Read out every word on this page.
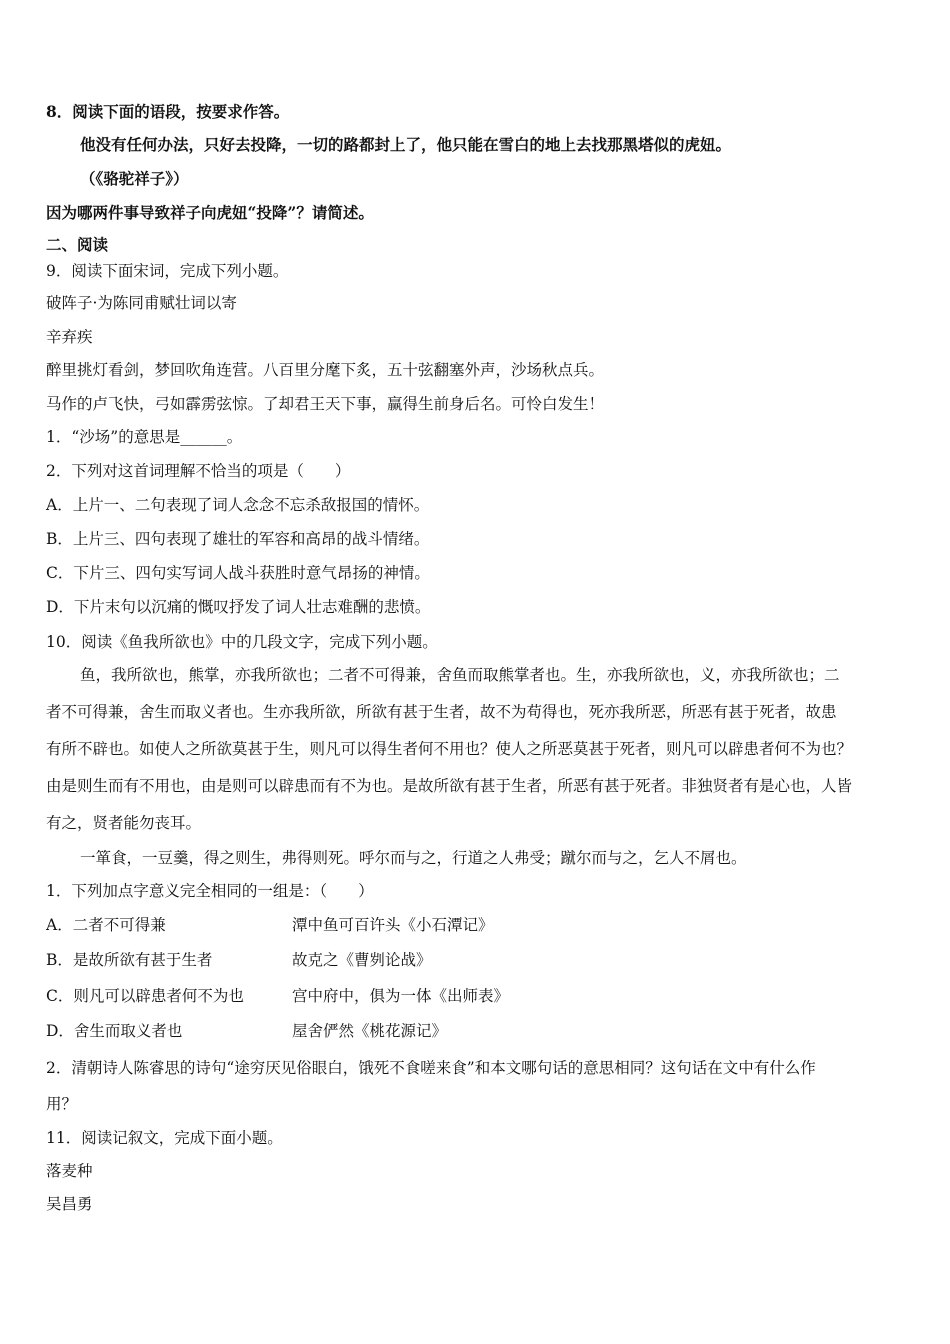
8．阅读下面的语段，按要求作答。
他没有任何办法，只好去投降，一切的路都封上了，他只能在雪白的地上去找那黑塔似的虎妞。
（《骆驼祥子》）
因为哪两件事导致祥子向虎妞“投降”？请简述。
二、阅读
9．阅读下面宋词，完成下列小题。
破阵子·为陈同甫赋壮词以寄
辛弃疾
醉里挑灯看剑，梦回吹角连营。八百里分麾下炙，五十弦翻塞外声，沙场秋点兵。
马作的卢飞快，弓如霹雳弦惊。了却君王天下事，赢得生前身后名。可怜白发生！
1．“沙场”的意思是______。
2．下列对这首词理解不恰当的项是（　　）
A．上片一、二句表现了词人念念不忘杀敌报国的情怀。
B．上片三、四句表现了雄壮的军容和高昂的战斗情绪。
C．下片三、四句实写词人战斗获胜时意气昂扬的神情。
D．下片末句以沉痛的慨叹抒发了词人壮志难酬的悲愤。
10．阅读《鱼我所欲也》中的几段文字，完成下列小题。
鱼，我所欲也，熊掌，亦我所欲也；二者不可得兼，舍鱼而取熊掌者也。生，亦我所欲也，义，亦我所欲也；二
者不可得兼，舍生而取义者也。生亦我所欲，所欲有甚于生者，故不为苟得也，死亦我所恶，所恶有甚于死者，故患
有所不辟也。如使人之所欲莫甚于生，则凡可以得生者何不用也？使人之所恶莫甚于死者，则凡可以辟患者何不为也？
由是则生而有不用也，由是则可以辟患而有不为也。是故所欲有甚于生者，所恶有甚于死者。非独贤者有是心也，人皆
有之，贤者能勿丧耳。
一箪食，一豆羹，得之则生，弗得则死。呼尔而与之，行道之人弗受；蹴尔而与之，乞人不屑也。
1．下列加点字意义完全相同的一组是：（　　）
A．二者不可得兼	潭中鱼可百许头《小石潭记》
B．是故所欲有甚于生者	故克之《曹刿论战》
C．则凡可以辟患者何不为也	宫中府中，俱为一体《出师表》
D．舍生而取义者也	屋舍俨然《桃花源记》
2．清朝诗人陈睿思的诗句“途穷厌见俗眼白，饿死不食嗟来食”和本文哪句话的意思相同？这句话在文中有什么作
用？
11．阅读记叙文，完成下面小题。
落麦种
吴昌勇
